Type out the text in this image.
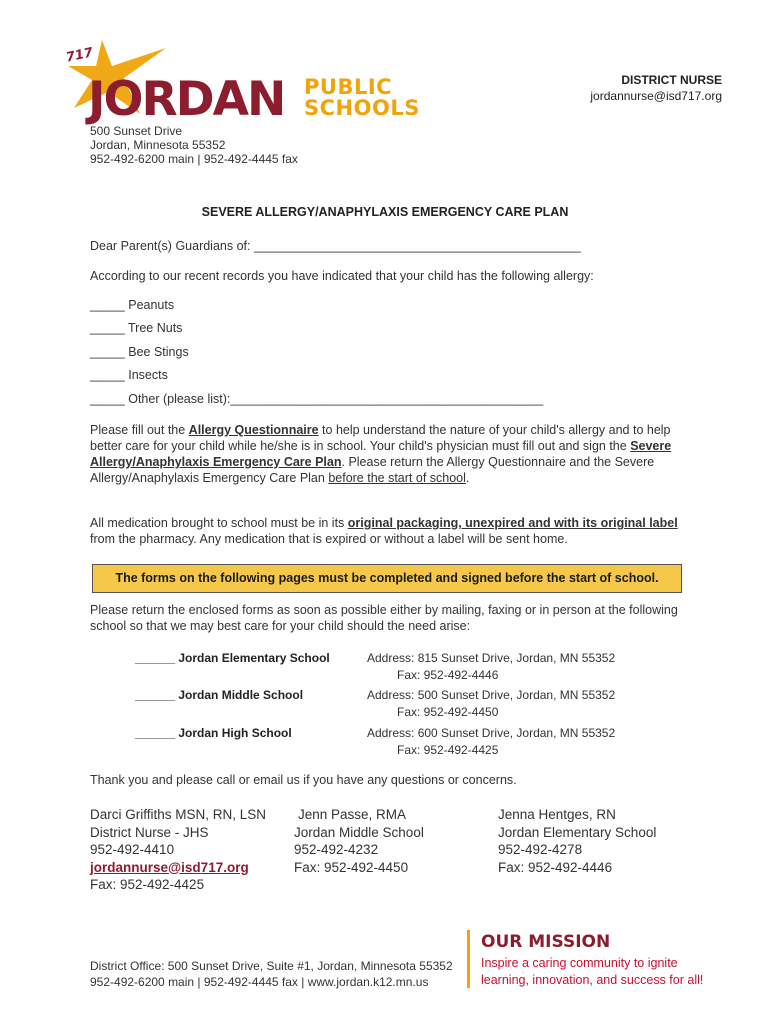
717
JORDAN PUBLIC
SCHOOLS
DISTRICT NURSE
jordannurse@isd717.org
500 Sunset Drive
Jordan, Minnesota 55352
952-492-6200 main | 952-492-4445 fax
SEVERE ALLERGY/ANAPHYLAXIS EMERGENCY CARE PLAN
Dear Parent(s) Guardians of: _______________________________________________
According to our recent records you have indicated that your child has the following allergy:
_____ Peanuts
_____ Tree Nuts
_____ Bee Stings
_____ Insects
_____ Other (please list):_____________________________________________
Please fill out the Allergy Questionnaire to help understand the nature of your child's allergy and to help better care for your child while he/she is in school. Your child's physician must fill out and sign the Severe Allergy/Anaphylaxis Emergency Care Plan. Please return the Allergy Questionnaire and the Severe Allergy/Anaphylaxis Emergency Care Plan before the start of school.
All medication brought to school must be in its original packaging, unexpired and with its original label from the pharmacy. Any medication that is expired or without a label will be sent home.
The forms on the following pages must be completed and signed before the start of school.
Please return the enclosed forms as soon as possible either by mailing, faxing or in person at the following school so that we may best care for your child should the need arise:
______ Jordan Elementary School	Address: 815 Sunset Drive, Jordan, MN 55352
Fax: 952-492-4446
______ Jordan Middle School	Address: 500 Sunset Drive, Jordan, MN 55352
Fax: 952-492-4450
______ Jordan High School	Address: 600 Sunset Drive, Jordan, MN 55352
Fax: 952-492-4425
Thank you and please call or email us if you have any questions or concerns.
Darci Griffiths MSN, RN, LSN
District Nurse - JHS
952-492-4410
jordannurse@isd717.org
Fax: 952-492-4425
Jenn Passe, RMA
Jordan Middle School
952-492-4232
Fax: 952-492-4450
Jenna Hentges, RN
Jordan Elementary School
952-492-4278
Fax: 952-492-4446
District Office: 500 Sunset Drive, Suite #1, Jordan, Minnesota 55352
952-492-6200 main | 952-492-4445 fax | www.jordan.k12.mn.us
OUR MISSION
Inspire a caring community to ignite
learning, innovation, and success for all!
